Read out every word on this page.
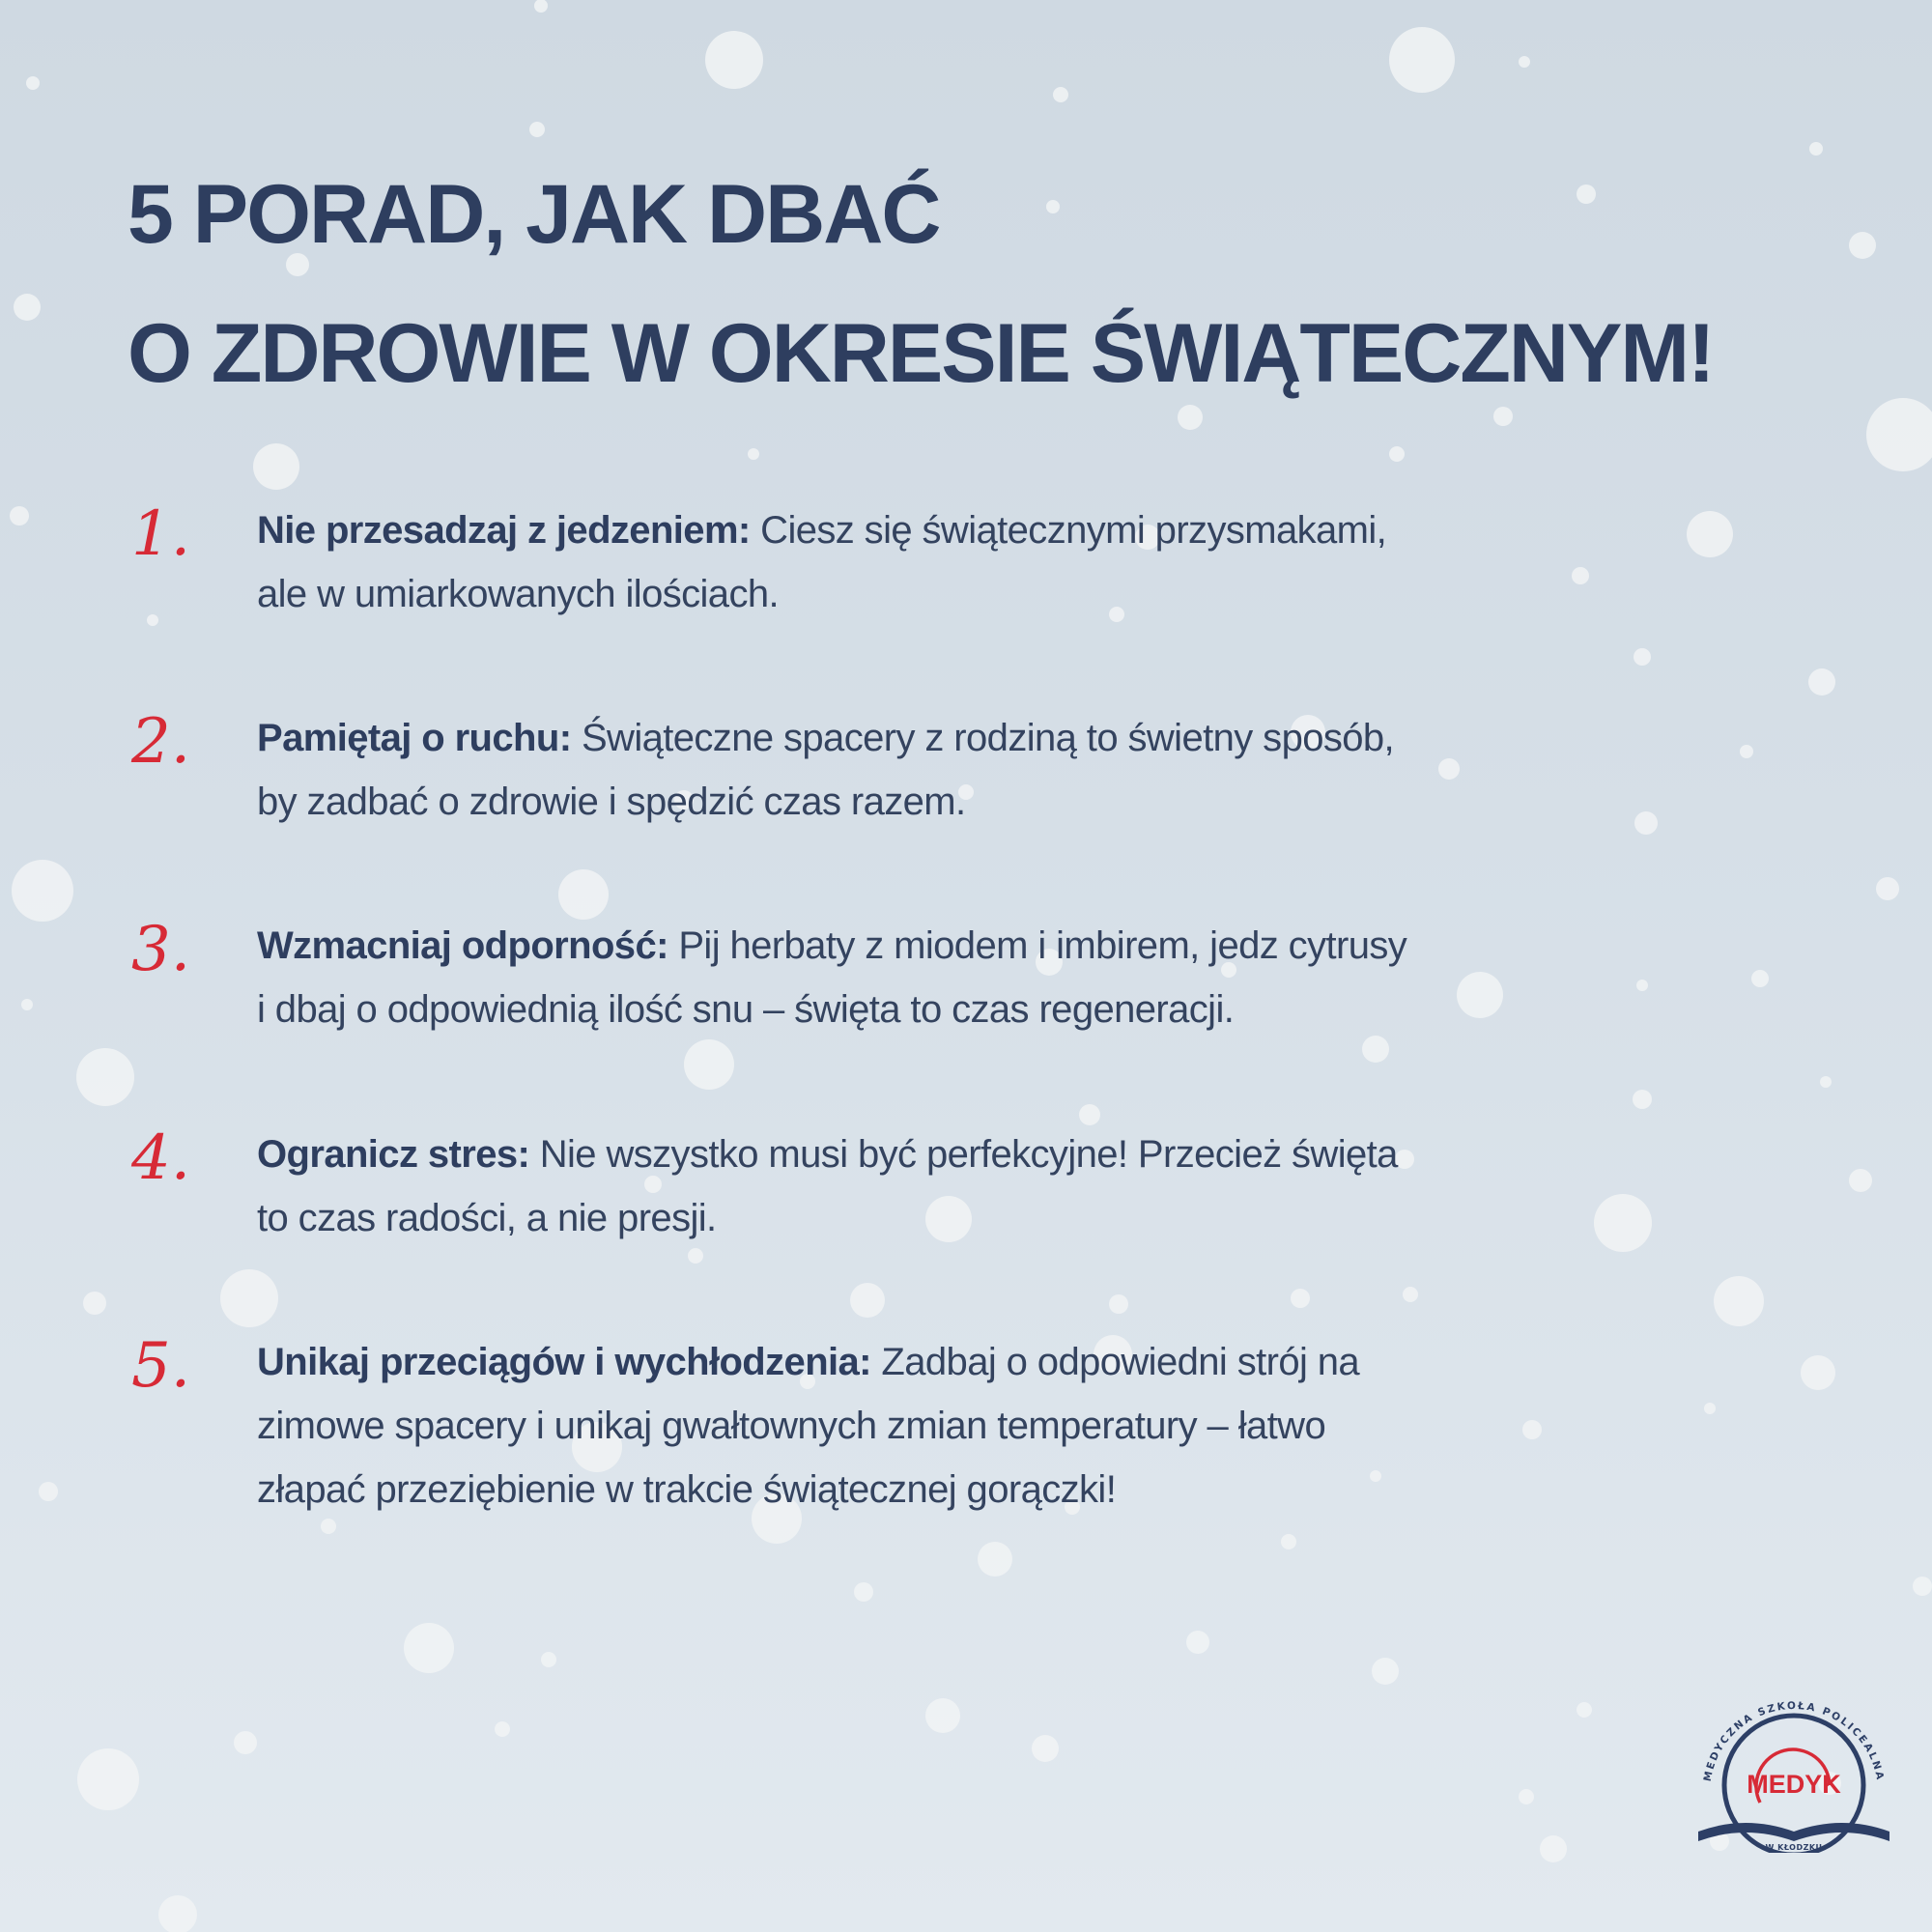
5 PORAD, JAK DBAĆ
O ZDROWIE W OKRESIE ŚWIĄTECZNYM!
1. Nie przesadzaj z jedzeniem: Ciesz się świątecznymi przysmakami,
ale w umiarkowanych ilościach.

2. Pamiętaj o ruchu: Świąteczne spacery z rodziną to świetny sposób,
by zadbać o zdrowie i spędzić czas razem.

3. Wzmacniaj odporność: Pij herbaty z miodem i imbirem, jedz cytrusy
i dbaj o odpowiednią ilość snu – święta to czas regeneracji.

4. Ogranicz stres: Nie wszystko musi być perfekcyjne! Przecież święta
to czas radości, a nie presji.

5. Unikaj przeciągów i wychłodzenia: Zadbaj o odpowiedni strój na
zimowe spacery i unikaj gwałtownych zmian temperatury – łatwo
złapać przeziębienie w trakcie świątecznej gorączki!

MEDYCZNA SZKOŁA POLICEALNA
MEDYK
W KŁODZKU
